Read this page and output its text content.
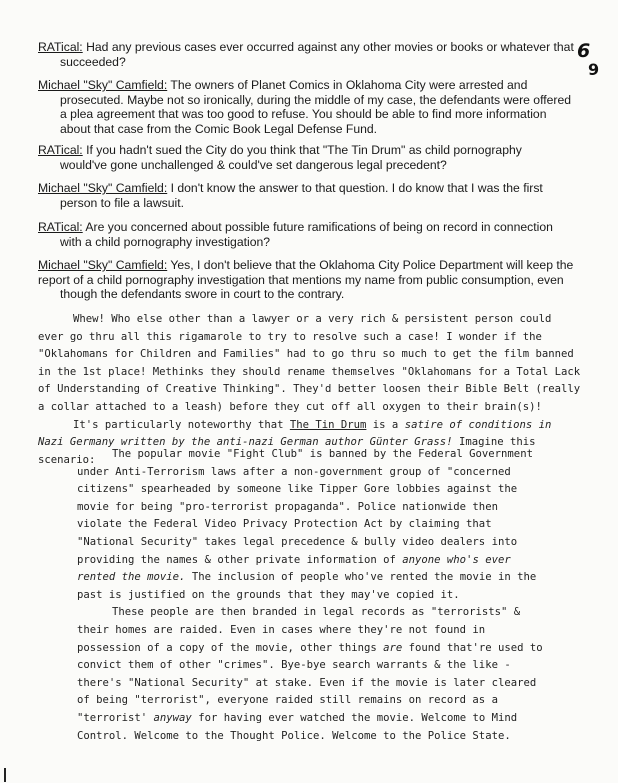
6
9
RATical: Had any previous cases ever occurred against any other movies or books or whatever that
succeeded?
Michael "Sky" Camfield: The owners of Planet Comics in Oklahoma City were arrested and
prosecuted. Maybe not so ironically, during the middle of my case, the defendants were offered a plea agreement that was too good to refuse. You should be able to find more information about that case from the Comic Book Legal Defense Fund.
RATical: If you hadn't sued the City do you think that "The Tin Drum" as child pornography
would've gone unchallenged & could've set dangerous legal precedent?
Michael "Sky" Camfield: I don't know the answer to that question. I do know that I was the first
person to file a lawsuit.
RATical: Are you concerned about possible future ramifications of being on record in connection
with a child pornography investigation?
Michael "Sky" Camfield: Yes, I don't believe that the Oklahoma City Police Department will keep the report of a child pornography investigation that mentions my name from public consumption, even
though the defendants swore in court to the contrary.

Whew! Who else other than a lawyer or a very rich & persistent person could ever go thru all this rigamarole to try to resolve such a case! I wonder if the "Oklahomans for Children and Families" had to go thru so much to get the film banned in the 1st place! Methinks they should rename themselves "Oklahomans for a Total Lack of Understanding of Creative Thinking". They'd better loosen their Bible Belt (really a collar attached to a leash) before they cut off all oxygen to their brain(s)!

It's particularly noteworthy that The Tin Drum is a satire of conditions in Nazi Germany written by the anti-nazi German author Günter Grass! Imagine this scenario:	The popular movie "Fight Club" is banned by the Federal Government under Anti-Terrorism laws after a non-government group of "concerned citizens" spearheaded by someone like Tipper Gore lobbies against the movie for being "pro-terrorist propaganda". Police nationwide then violate the Federal Video Privacy Protection Act by claiming that "National Security" takes legal precedence & bully video dealers into providing the names & other private information of anyone who's ever rented the movie. The inclusion of people who've rented the movie in the past is justified on the grounds that they may've copied it.

These people are then branded in legal records as "terrorists" & their homes are raided. Even in cases where they're not found in possession of a copy of the movie, other things are found that're used to convict them of other "crimes". Bye-bye search warrants & the like - there's "National Security" at stake. Even if the movie is later cleared of being "terrorist", everyone raided still remains on record as a "terrorist' anyway for having ever watched the movie. Welcome to Mind Control. Welcome to the Thought Police. Welcome to the Police State.
